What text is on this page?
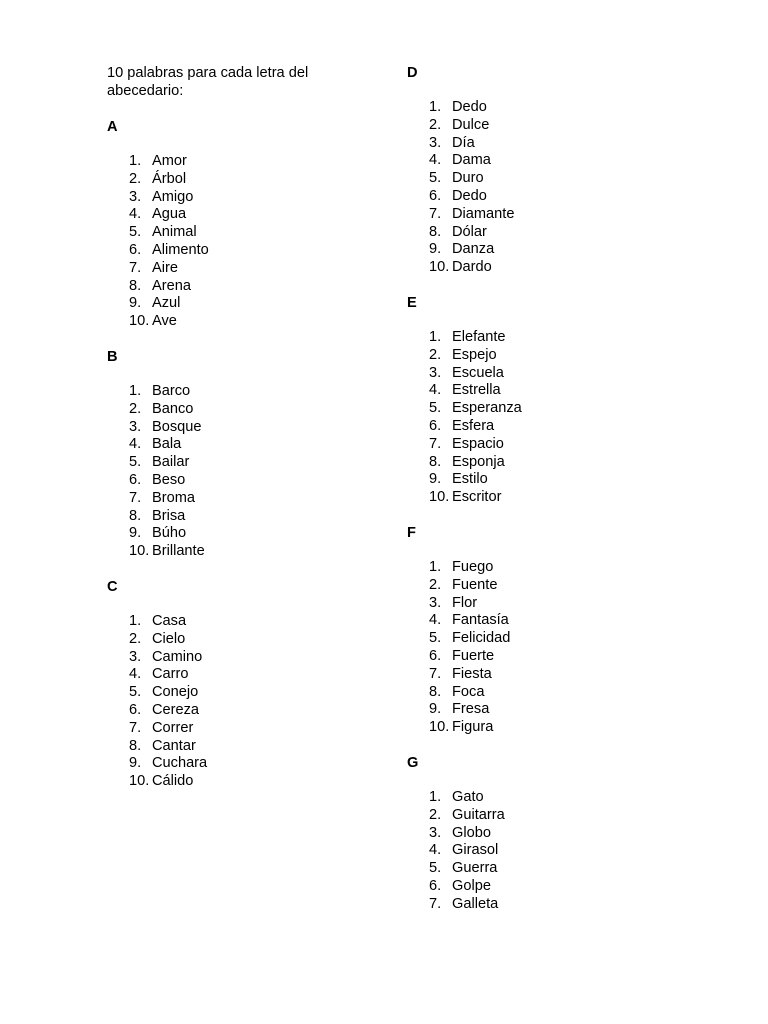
10 palabras para cada letra del abecedario:

A
1. Amor
2. Árbol
3. Amigo
4. Agua
5. Animal
6. Alimento
7. Aire
8. Arena
9. Azul
10. Ave
B
1. Barco
2. Banco
3. Bosque
4. Bala
5. Bailar
6. Beso
7. Broma
8. Brisa
9. Búho
10. Brillante
C
1. Casa
2. Cielo
3. Camino
4. Carro
5. Conejo
6. Cereza
7. Correr
8. Cantar
9. Cuchara
10. Cálido
D
1. Dedo
2. Dulce
3. Día
4. Dama
5. Duro
6. Dedo
7. Diamante
8. Dólar
9. Danza
10. Dardo
E
1. Elefante
2. Espejo
3. Escuela
4. Estrella
5. Esperanza
6. Esfera
7. Espacio
8. Esponja
9. Estilo
10. Escritor
F
1. Fuego
2. Fuente
3. Flor
4. Fantasía
5. Felicidad
6. Fuerte
7. Fiesta
8. Foca
9. Fresa
10. Figura
G
1. Gato
2. Guitarra
3. Globo
4. Girasol
5. Guerra
6. Golpe
7. Galleta
